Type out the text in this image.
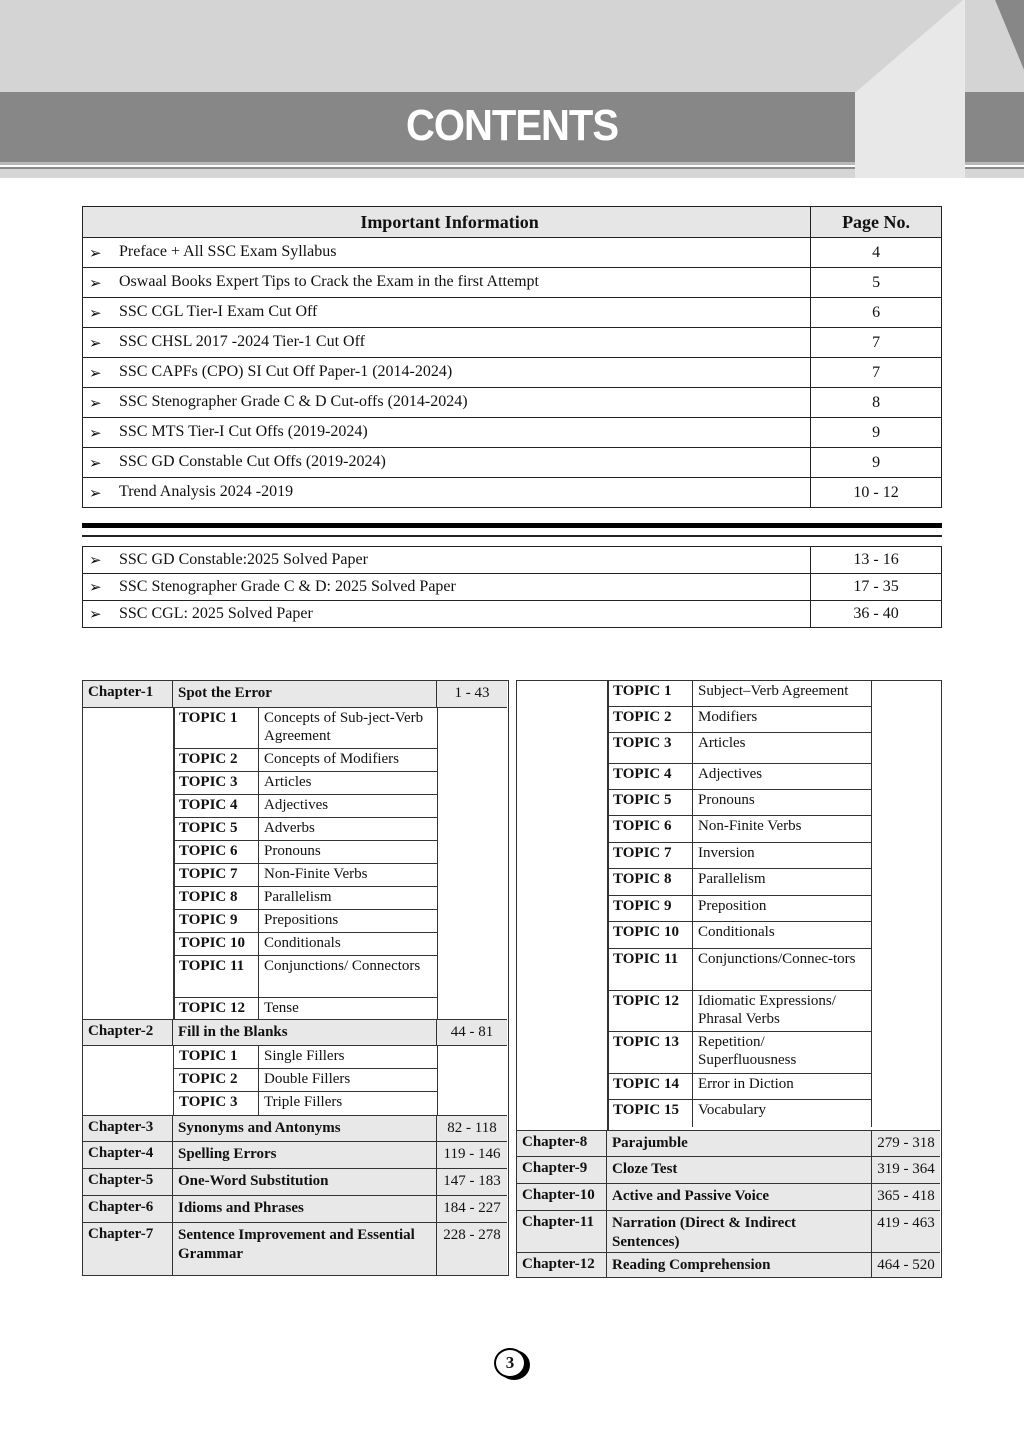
CONTENTS
Important Information	Page No.
➢ Preface + All SSC Exam Syllabus	4
➢ Oswaal Books Expert Tips to Crack the Exam in the first Attempt	5
➢ SSC CGL Tier-I Exam Cut Off	6
➢ SSC CHSL 2017 -2024 Tier-1 Cut Off	7
➢ SSC CAPFs (CPO) SI Cut Off Paper-1 (2014-2024)	7
➢ SSC Stenographer Grade C & D Cut-offs (2014-2024)	8
➢ SSC MTS Tier-I Cut Offs (2019-2024)	9
➢ SSC GD Constable Cut Offs (2019-2024)	9
➢ Trend Analysis 2024 -2019	10 - 12
➢ SSC GD Constable:2025 Solved Paper	13 - 16
➢ SSC Stenographer Grade C & D: 2025 Solved Paper	17 - 35
➢ SSC CGL: 2025 Solved Paper	36 - 40
Chapter-1	Spot the Error	1 - 43
TOPIC 1	Concepts of Sub-ject-Verb Agreement
TOPIC 2	Concepts of Modifiers
TOPIC 3	Articles
TOPIC 4	Adjectives
TOPIC 5	Adverbs
TOPIC 6	Pronouns
TOPIC 7	Non-Finite Verbs
TOPIC 8	Parallelism
TOPIC 9	Prepositions
TOPIC 10	Conditionals
TOPIC 11	Conjunctions/ Connectors
TOPIC 12	Tense
Chapter-2	Fill in the Blanks	44 - 81
TOPIC 1	Single Fillers
TOPIC 2	Double Fillers
TOPIC 3	Triple Fillers
Chapter-3	Synonyms and Antonyms	82 - 118
Chapter-4	Spelling Errors	119 - 146
Chapter-5	One-Word Substitution	147 - 183
Chapter-6	Idioms and Phrases	184 - 227
Chapter-7	Sentence Improvement and Essential Grammar
228 - 278
TOPIC 1	Subject–Verb Agreement
TOPIC 2	Modifiers
TOPIC 3	Articles
TOPIC 4	Adjectives
TOPIC 5	Pronouns
TOPIC 6	Non-Finite Verbs
TOPIC 7	Inversion
TOPIC 8	Parallelism
TOPIC 9	Preposition
TOPIC 10	Conditionals
TOPIC 11	Conjunctions/Connec-tors
TOPIC 12	Idiomatic Expressions/ Phrasal Verbs
TOPIC 13	Repetition/ Superfluousness
TOPIC 14	Error in Diction
TOPIC 15	Vocabulary
Chapter-8	Parajumble	279 - 318
Chapter-9	Cloze Test	319 - 364
Chapter-10	Active and Passive Voice	365 - 418
Chapter-11	Narration (Direct & Indirect Sentences)
419 - 463
Chapter-12	Reading Comprehension	464 - 520
3
